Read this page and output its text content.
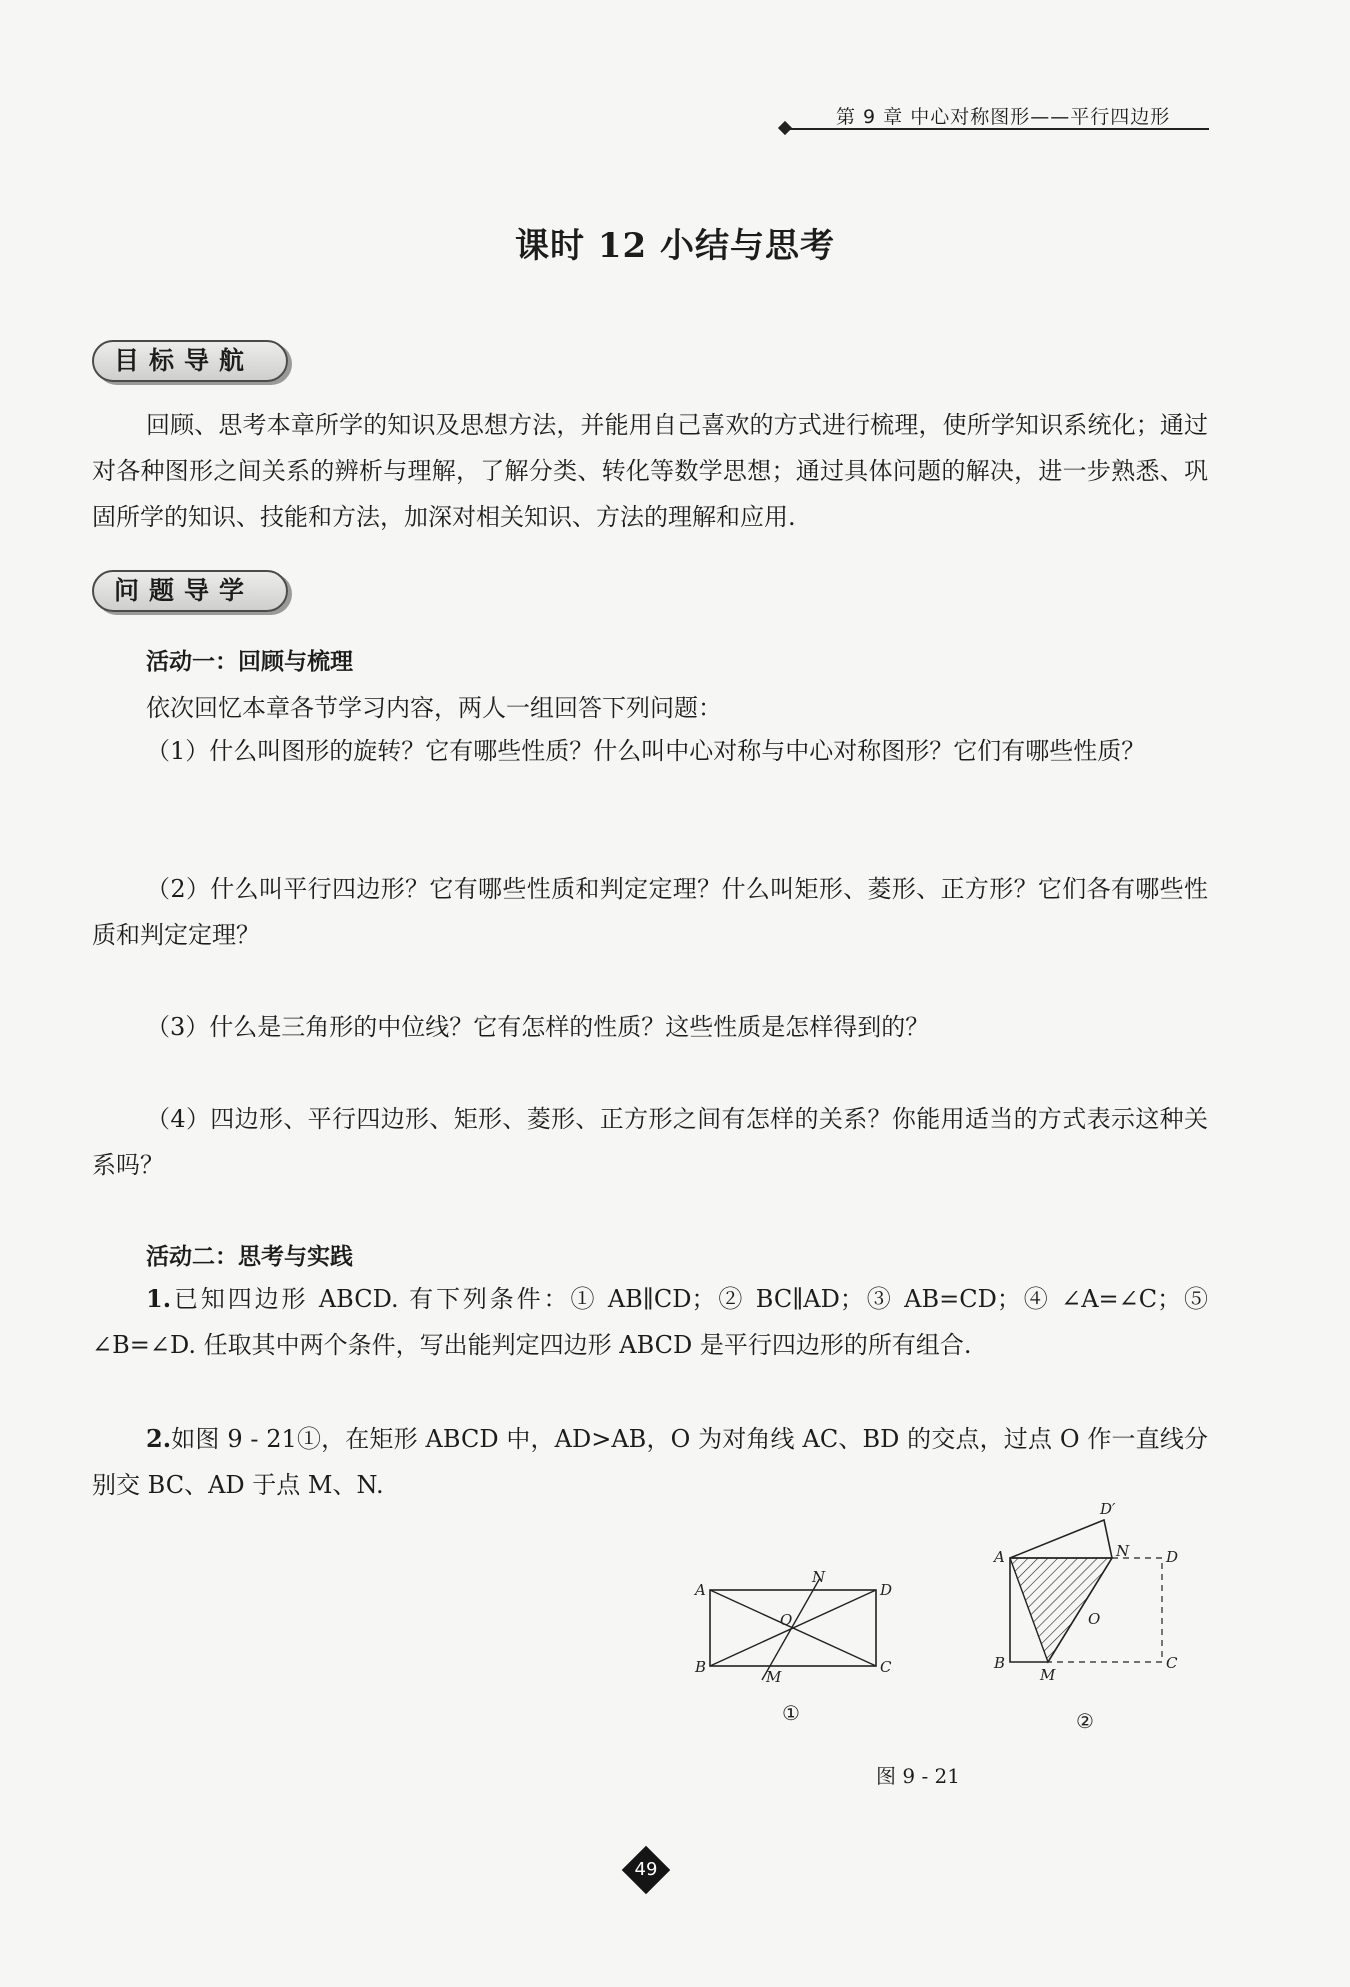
第 9 章 中心对称图形——平行四边形
课时 12 小结与思考
目标导航
回顾、思考本章所学的知识及思想方法，并能用自己喜欢的方式进行梳理，使所学知识系统化；通过对各种图形之间关系的辨析与理解，了解分类、转化等数学思想；通过具体问题的解决，进一步熟悉、巩固所学的知识、技能和方法，加深对相关知识、方法的理解和应用.
问题导学
活动一：回顾与梳理
依次回忆本章各节学习内容，两人一组回答下列问题：
（1）什么叫图形的旋转？它有哪些性质？什么叫中心对称与中心对称图形？它们有哪些性质？
（2）什么叫平行四边形？它有哪些性质和判定定理？什么叫矩形、菱形、正方形？它们各有哪些性质和判定定理？
（3）什么是三角形的中位线？它有怎样的性质？这些性质是怎样得到的？
（4）四边形、平行四边形、矩形、菱形、正方形之间有怎样的关系？你能用适当的方式表示这种关系吗？
活动二：思考与实践
1.已知四边形 ABCD. 有下列条件：① AB∥CD；② BC∥AD；③ AB=CD；④ ∠A=∠C；⑤ ∠B=∠D. 任取其中两个条件，写出能判定四边形 ABCD 是平行四边形的所有组合.
2.如图 9 - 21①，在矩形 ABCD 中，AD>AB，O 为对角线 AC、BD 的交点，过点 O 作一直线分别交 BC、AD 于点 M、N.
A
B	C
D
N
M
O
①
A
B	C
D
D′
N
M
O
②
图 9 - 21
49
